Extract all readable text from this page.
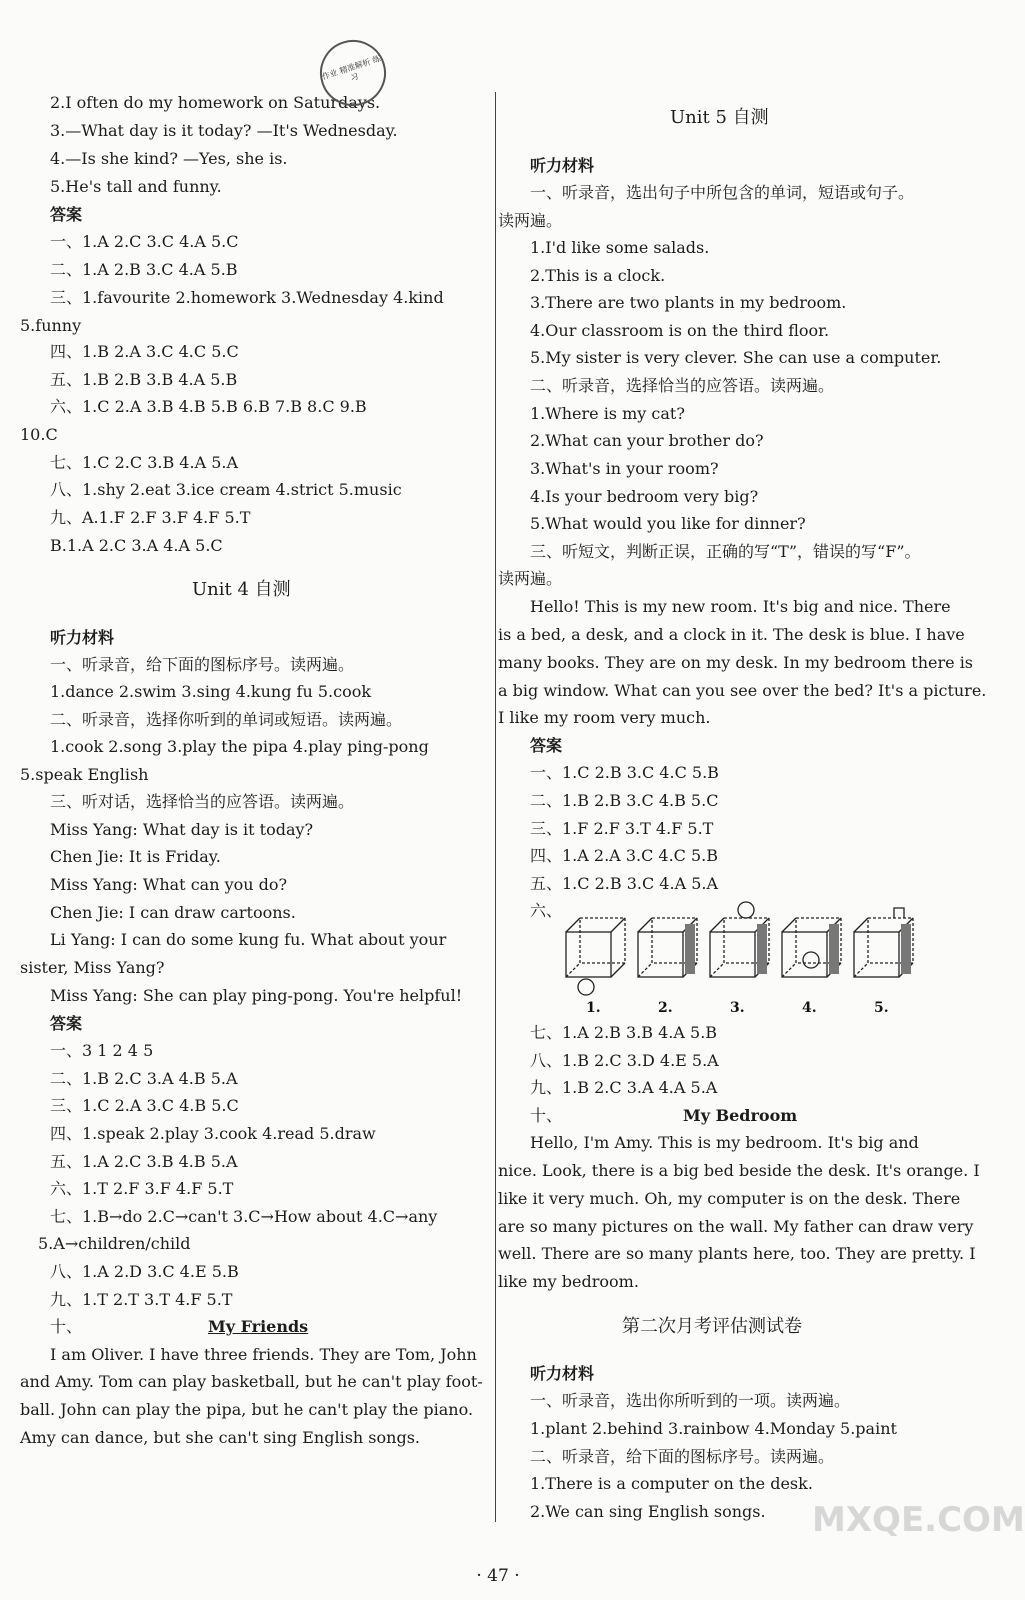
2.I often do my homework on Saturdays.
3.—What day is it today? —It's Wednesday.
4.—Is she kind? —Yes, she is.
5.He's tall and funny.
答案
一、1.A 2.C 3.C 4.A 5.C
二、1.A 2.B 3.C 4.A 5.B
三、1.favourite 2.homework 3.Wednesday 4.kind
5.funny
四、1.B 2.A 3.C 4.C 5.C
五、1.B 2.B 3.B 4.A 5.B
六、1.C 2.A 3.B 4.B 5.B 6.B 7.B 8.C 9.B
10.C
七、1.C 2.C 3.B 4.A 5.A
八、1.shy 2.eat 3.ice cream 4.strict 5.music
九、A.1.F 2.F 3.F 4.F 5.T
B.1.A 2.C 3.A 4.A 5.C
Unit 4 自测
听力材料
一、听录音，给下面的图标序号。读两遍。
1.dance 2.swim 3.sing 4.kung fu 5.cook
二、听录音，选择你听到的单词或短语。读两遍。
1.cook 2.song 3.play the pipa 4.play ping-pong
5.speak English
三、听对话，选择恰当的应答语。读两遍。
Miss Yang: What day is it today?
Chen Jie: It is Friday.
Miss Yang: What can you do?
Chen Jie: I can draw cartoons.
Li Yang: I can do some kung fu. What about your
sister, Miss Yang?
Miss Yang: She can play ping-pong. You're helpful!
答案
一、3 1 2 4 5
二、1.B 2.C 3.A 4.B 5.A
三、1.C 2.A 3.C 4.B 5.C
四、1.speak 2.play 3.cook 4.read 5.draw
五、1.A 2.C 3.B 4.B 5.A
六、1.T 2.F 3.F 4.F 5.T
七、1.B→do 2.C→can't 3.C→How about 4.C→any
5.A→children/child
八、1.A 2.D 3.C 4.E 5.B
九、1.T 2.T 3.T 4.F 5.T
十、	My Friends
I am Oliver. I have three friends. They are Tom, John
and Amy. Tom can play basketball, but he can't play foot-
ball. John can play the pipa, but he can't play the piano.
Amy can dance, but she can't sing English songs.
Unit 5 自测
听力材料
一、听录音，选出句子中所包含的单词，短语或句子。
读两遍。
1.I'd like some salads.
2.This is a clock.
3.There are two plants in my bedroom.
4.Our classroom is on the third floor.
5.My sister is very clever. She can use a computer.
二、听录音，选择恰当的应答语。读两遍。
1.Where is my cat?
2.What can your brother do?
3.What's in your room?
4.Is your bedroom very big?
5.What would you like for dinner?
三、听短文，判断正误，正确的写“T”，错误的写“F”。
读两遍。
Hello! This is my new room. It's big and nice. There
is a bed, a desk, and a clock in it. The desk is blue. I have
many books. They are on my desk. In my bedroom there is
a big window. What can you see over the bed? It's a picture.
I like my room very much.
答案
一、1.C 2.B 3.C 4.C 5.B
二、1.B 2.B 3.C 4.B 5.C
三、1.F 2.F 3.T 4.F 5.T
四、1.A 2.A 3.C 4.C 5.B
五、1.C 2.B 3.C 4.A 5.A
六、
七、1.A 2.B 3.B 4.A 5.B
八、1.B 2.C 3.D 4.E 5.A
九、1.B 2.C 3.A 4.A 5.A
十、	My Bedroom
Hello, I'm Amy. This is my bedroom. It's big and
nice. Look, there is a big bed beside the desk. It's orange. I
like it very much. Oh, my computer is on the desk. There
are so many pictures on the wall. My father can draw very
well. There are so many plants here, too. They are pretty. I
like my bedroom.
第二次月考评估测试卷
听力材料
一、听录音，选出你所听到的一项。读两遍。
1.plant 2.behind 3.rainbow 4.Monday 5.paint
二、听录音，给下面的图标序号。读两遍。
1.There is a computer on the desk.
2.We can sing English songs.
作业 精准解析 练习
1.	2.	3.	4.	5.
MXQE.COM
· 47 ·
